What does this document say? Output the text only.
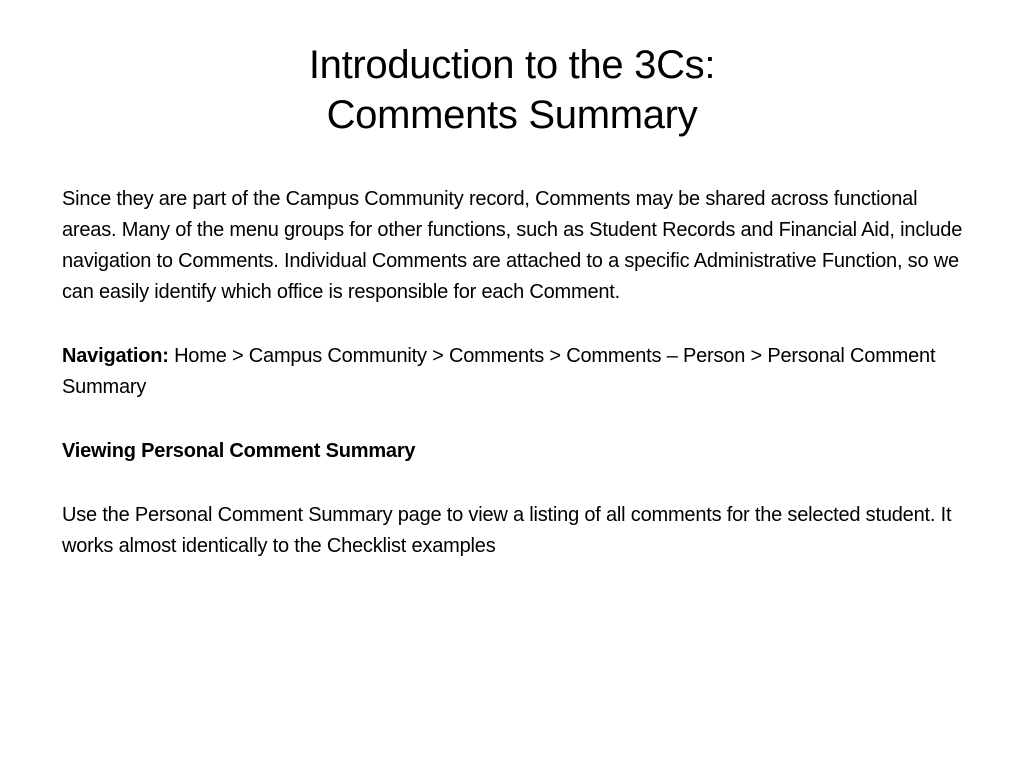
Introduction to the 3Cs:
Comments Summary

Since they are part of the Campus Community record, Comments may be shared across functional areas. Many of the menu groups for other functions, such as Student Records and Financial Aid, include navigation to Comments. Individual Comments are attached to a specific Administrative Function, so we can easily identify which office is responsible for each Comment.

Navigation: Home > Campus Community > Comments > Comments – Person > Personal Comment Summary

Viewing Personal Comment Summary

Use the Personal Comment Summary page to view a listing of all comments for the selected student. It works almost identically to the Checklist examples
